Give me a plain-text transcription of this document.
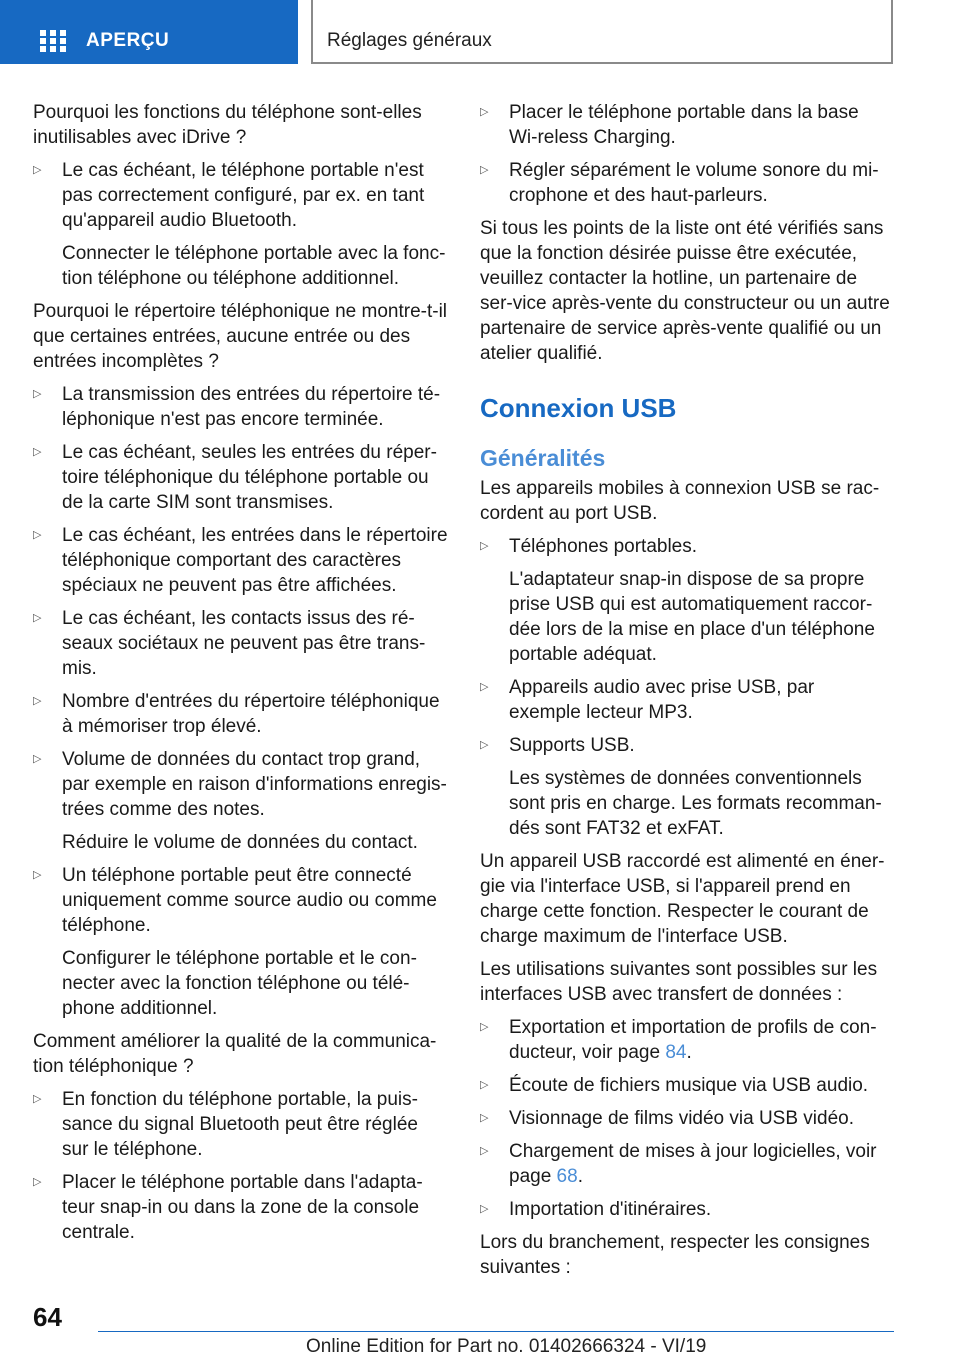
APERÇU	Réglages généraux

Pourquoi les fonctions du téléphone sont-elles inutilisables avec iDrive ?

▷ Le cas échéant, le téléphone portable n'est pas correctement configuré, par ex. en tant qu'appareil audio Bluetooth.

Connecter le téléphone portable avec la fonc-tion téléphone ou téléphone additionnel.

Pourquoi le répertoire téléphonique ne montre-t-il que certaines entrées, aucune entrée ou des entrées incomplètes ?

▷ La transmission des entrées du répertoire té-léphonique n'est pas encore terminée.
▷ Le cas échéant, seules les entrées du réper-toire téléphonique du téléphone portable ou de la carte SIM sont transmises.
▷ Le cas échéant, les entrées dans le répertoire téléphonique comportant des caractères spéciaux ne peuvent pas être affichées.
▷ Le cas échéant, les contacts issus des ré-seaux sociétaux ne peuvent pas être trans-mis.
▷ Nombre d'entrées du répertoire téléphonique à mémoriser trop élevé.
▷ Volume de données du contact trop grand, par exemple en raison d'informations enregis-trées comme des notes.

Réduire le volume de données du contact.

▷ Un téléphone portable peut être connecté uniquement comme source audio ou comme téléphone.

Configurer le téléphone portable et le con-necter avec la fonction téléphone ou télé-phone additionnel.

Comment améliorer la qualité de la communica-tion téléphonique ?

▷ En fonction du téléphone portable, la puis-sance du signal Bluetooth peut être réglée sur le téléphone.
▷ Placer le téléphone portable dans l'adapta-teur snap-in ou dans la zone de la console centrale.
▷ Placer le téléphone portable dans la base Wi-reless Charging.
▷ Régler séparément le volume sonore du mi-crophone et des haut-parleurs.

Si tous les points de la liste ont été vérifiés sans que la fonction désirée puisse être exécutée, veuillez contacter la hotline, un partenaire de ser-vice après-vente du constructeur ou un autre partenaire de service après-vente qualifié ou un atelier qualifié.

Connexion USB
Généralités

Les appareils mobiles à connexion USB se rac-cordent au port USB.

▷ Téléphones portables.

L'adaptateur snap-in dispose de sa propre prise USB qui est automatiquement raccor-dée lors de la mise en place d'un téléphone portable adéquat.

▷ Appareils audio avec prise USB, par exemple lecteur MP3.
▷ Supports USB.

Les systèmes de données conventionnels sont pris en charge. Les formats recomman-dés sont FAT32 et exFAT.

Un appareil USB raccordé est alimenté en éner-gie via l'interface USB, si l'appareil prend en charge cette fonction. Respecter le courant de charge maximum de l'interface USB.

Les utilisations suivantes sont possibles sur les interfaces USB avec transfert de données :

▷ Exportation et importation de profils de con-ducteur, voir page 84.
▷ Écoute de fichiers musique via USB audio.
▷ Visionnage de films vidéo via USB vidéo.
▷ Chargement de mises à jour logicielles, voir page 68.
▷ Importation d'itinéraires.

Lors du branchement, respecter les consignes suivantes :

64
Online Edition for Part no. 01402666324 - VI/19
